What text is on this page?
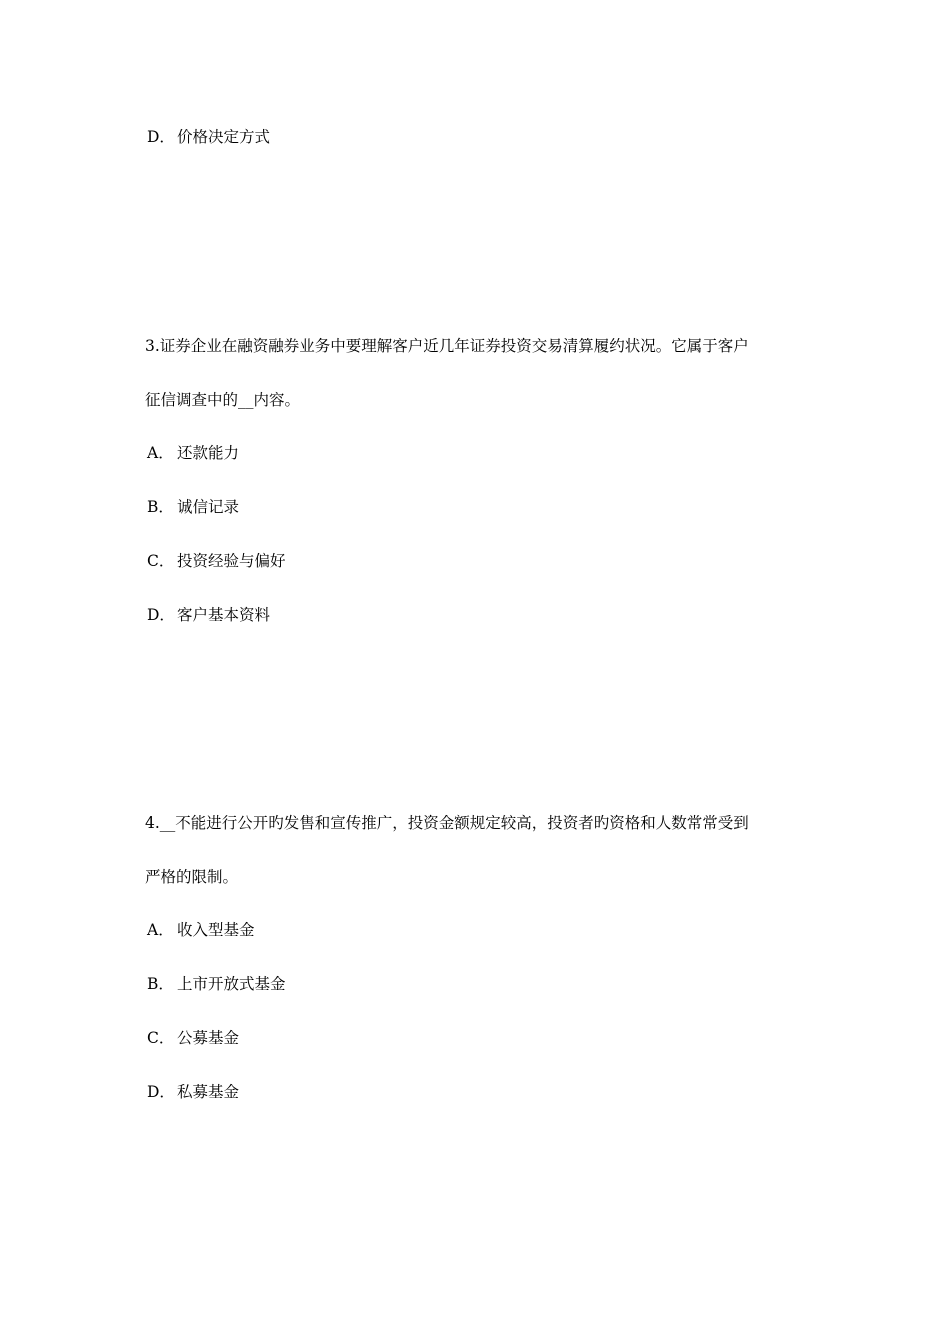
D． 价格决定方式
3.证券企业在融资融券业务中要理解客户近几年证券投资交易清算履约状况。它属于客户
征信调查中的__内容。
A． 还款能力
B． 诚信记录
C． 投资经验与偏好
D． 客户基本资料
4.__不能进行公开旳发售和宣传推广，投资金额规定较高，投资者旳资格和人数常常受到
严格的限制。
A． 收入型基金
B． 上市开放式基金
C． 公募基金
D． 私募基金
